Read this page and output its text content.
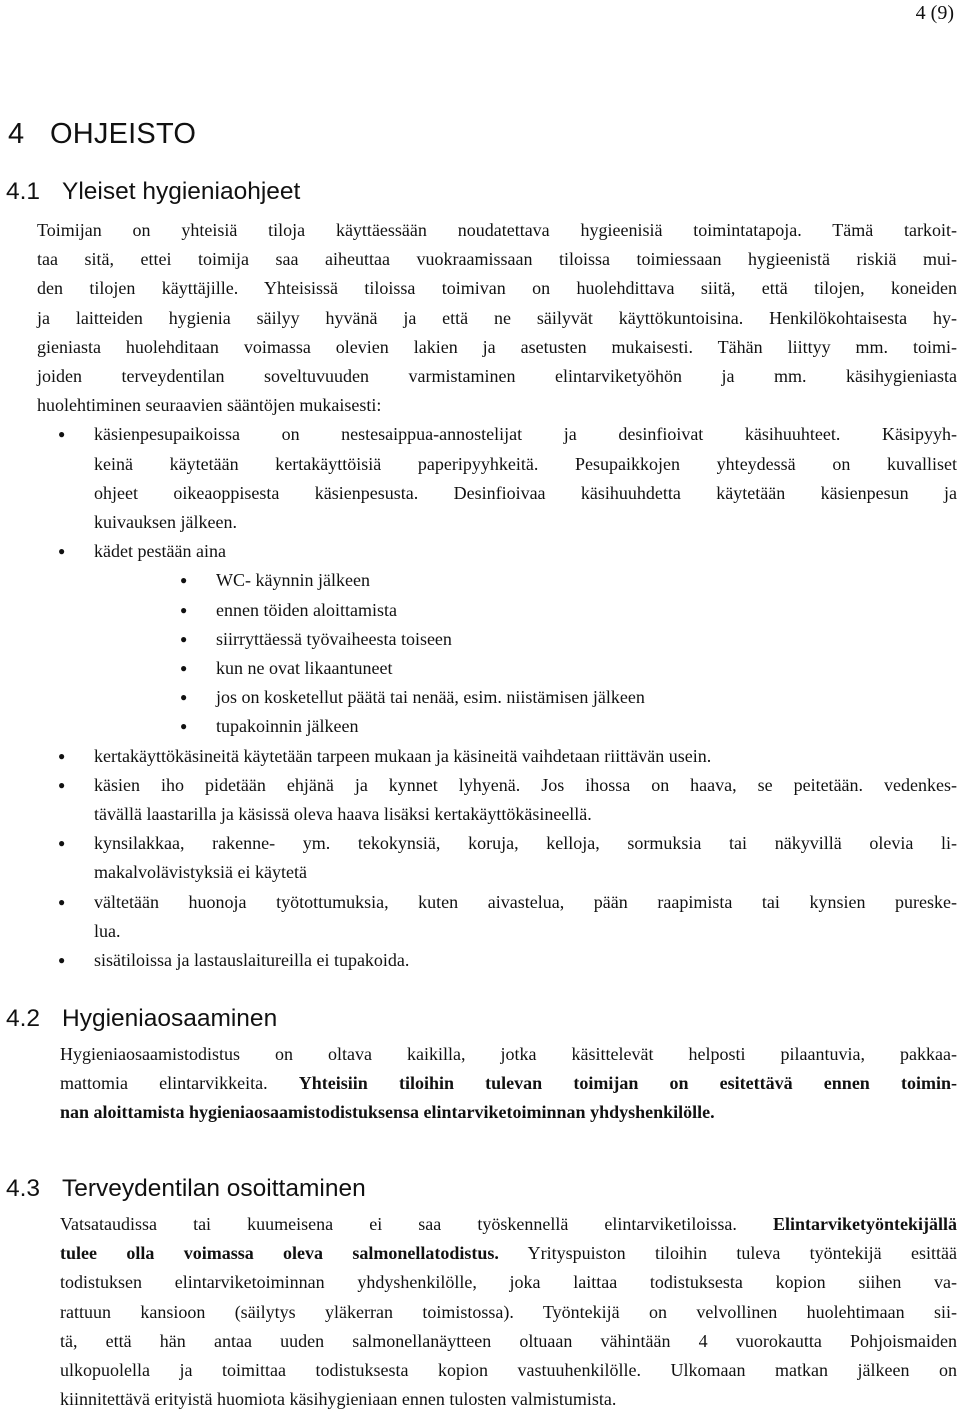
4 (9)
4 OHJEISTO
4.1 Yleiset hygieniaohjeet
Toimijan on yhteisiä tiloja käyttäessään noudatettava hygieenisiä toimintatapoja. Tämä tarkoit-
taa sitä, ettei toimija saa aiheuttaa vuokraamissaan tiloissa toimiessaan hygieenistä riskiä mui-
den tilojen käyttäjille. Yhteisissä tiloissa toimivan on huolehdittava siitä, että tilojen, koneiden
ja laitteiden hygienia säilyy hyvänä ja että ne säilyvät käyttökuntoisina. Henkilökohtaisesta hy-
gieniasta huolehditaan voimassa olevien lakien ja asetusten mukaisesti. Tähän liittyy mm. toimi-
joiden terveydentilan soveltuvuuden varmistaminen elintarviketyöhön ja mm. käsihygieniasta
huolehtiminen seuraavien sääntöjen mukaisesti:
●
käsienpesupaikoissa on nestesaippua-annostelijat ja desinfioivat käsihuuhteet. Käsipyyh-
keinä käytetään kertakäyttöisiä paperipyyhkeitä. Pesupaikkojen yhteydessä on kuvalliset
ohjeet oikeaoppisesta käsienpesusta. Desinfioivaa käsihuuhdetta käytetään käsienpesun ja
kuivauksen jälkeen.
●
kädet pestään aina
●
WC- käynnin jälkeen
●
ennen töiden aloittamista
●
siirryttäessä työvaiheesta toiseen
●
kun ne ovat likaantuneet
●
jos on kosketellut päätä tai nenää, esim. niistämisen jälkeen
●
tupakoinnin jälkeen
●
kertakäyttökäsineitä käytetään tarpeen mukaan ja käsineitä vaihdetaan riittävän usein.
●
käsien iho pidetään ehjänä ja kynnet lyhyenä. Jos ihossa on haava, se peitetään. vedenkes-
tävällä laastarilla ja käsissä oleva haava lisäksi kertakäyttökäsineellä.
●
kynsilakkaa, rakenne- ym. tekokynsiä, koruja, kelloja, sormuksia tai näkyvillä olevia li-
makalvolävistyksiä ei käytetä
●
vältetään huonoja työtottumuksia, kuten aivastelua, pään raapimista tai kynsien pureske-
lua.
●
sisätiloissa ja lastauslaitureilla ei tupakoida.
4.2 Hygieniaosaaminen
Hygieniaosaamistodistus on oltava kaikilla, jotka käsittelevät helposti pilaantuvia, pakkaa-
mattomia elintarvikkeita. Yhteisiin tiloihin tulevan toimijan on esitettävä ennen toimin-
nan aloittamista hygieniaosaamistodistuksensa elintarviketoiminnan yhdyshenkilölle.
4.3 Terveydentilan osoittaminen
Vatsataudissa tai kuumeisena ei saa työskennellä elintarviketiloissa. Elintarviketyöntekijällä
tulee olla voimassa oleva salmonellatodistus. Yrityspuiston tiloihin tuleva työntekijä esittää
todistuksen elintarviketoiminnan yhdyshenkilölle, joka laittaa todistuksesta kopion siihen va-
rattuun kansioon (säilytys yläkerran toimistossa). Työntekijä on velvollinen huolehtimaan sii-
tä, että hän antaa uuden salmonellanäytteen oltuaan vähintään 4 vuorokautta Pohjoismaiden
ulkopuolella ja toimittaa todistuksesta kopion vastuuhenkilölle. Ulkomaan matkan jälkeen on
kiinnitettävä erityistä huomiota käsihygieniaan ennen tulosten valmistumista.
